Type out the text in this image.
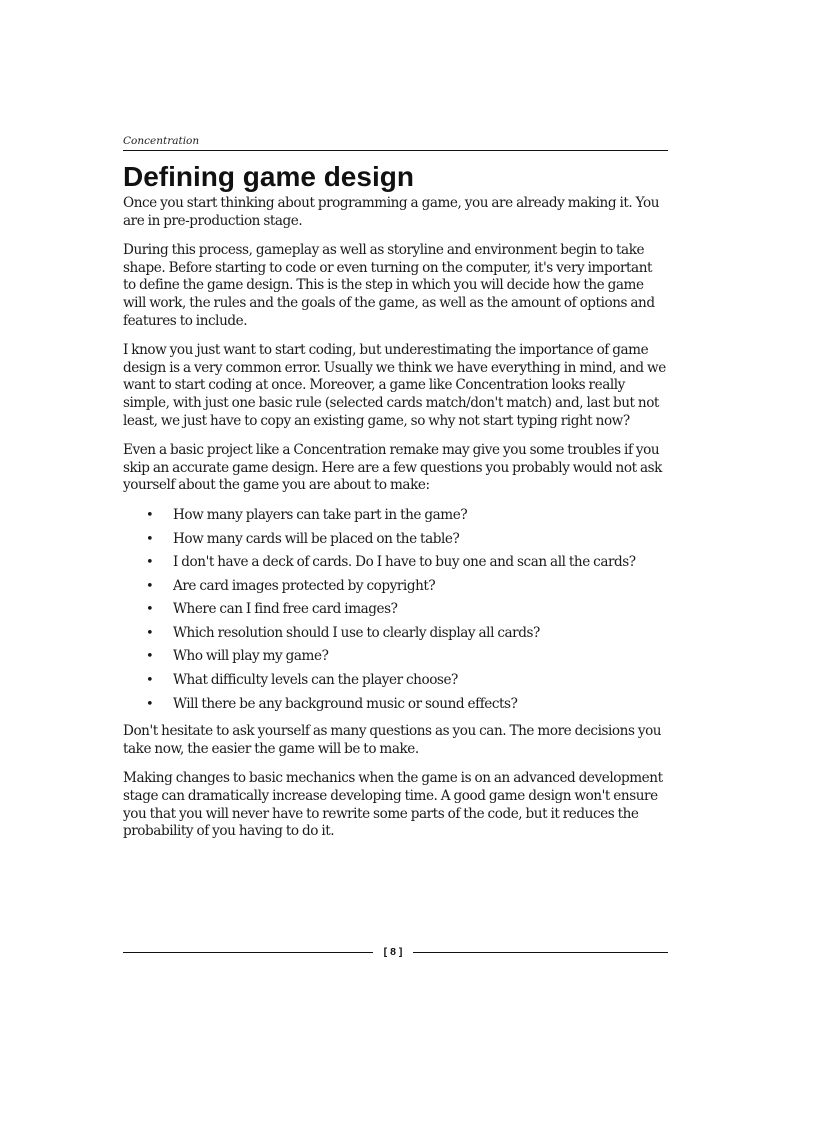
Concentration
Defining game design

Once you start thinking about programming a game, you are already making it. You are in pre-production stage.

During this process, gameplay as well as storyline and environment begin to take shape. Before starting to code or even turning on the computer, it's very important to define the game design. This is the step in which you will decide how the game will work, the rules and the goals of the game, as well as the amount of options and features to include.

I know you just want to start coding, but underestimating the importance of game design is a very common error. Usually we think we have everything in mind, and we want to start coding at once. Moreover, a game like Concentration looks really simple, with just one basic rule (selected cards match/don't match) and, last but not least, we just have to copy an existing game, so why not start typing right now?

Even a basic project like a Concentration remake may give you some troubles if you skip an accurate game design. Here are a few questions you probably would not ask yourself about the game you are about to make:

• How many players can take part in the game?
• How many cards will be placed on the table?
• I don't have a deck of cards. Do I have to buy one and scan all the cards?
• Are card images protected by copyright?
• Where can I find free card images?
• Which resolution should I use to clearly display all cards?
• Who will play my game?
• What difficulty levels can the player choose?
• Will there be any background music or sound effects?

Don't hesitate to ask yourself as many questions as you can. The more decisions you take now, the easier the game will be to make.

Making changes to basic mechanics when the game is on an advanced development stage can dramatically increase developing time. A good game design won't ensure you that you will never have to rewrite some parts of the code, but it reduces the probability of you having to do it.

[ 8 ]
